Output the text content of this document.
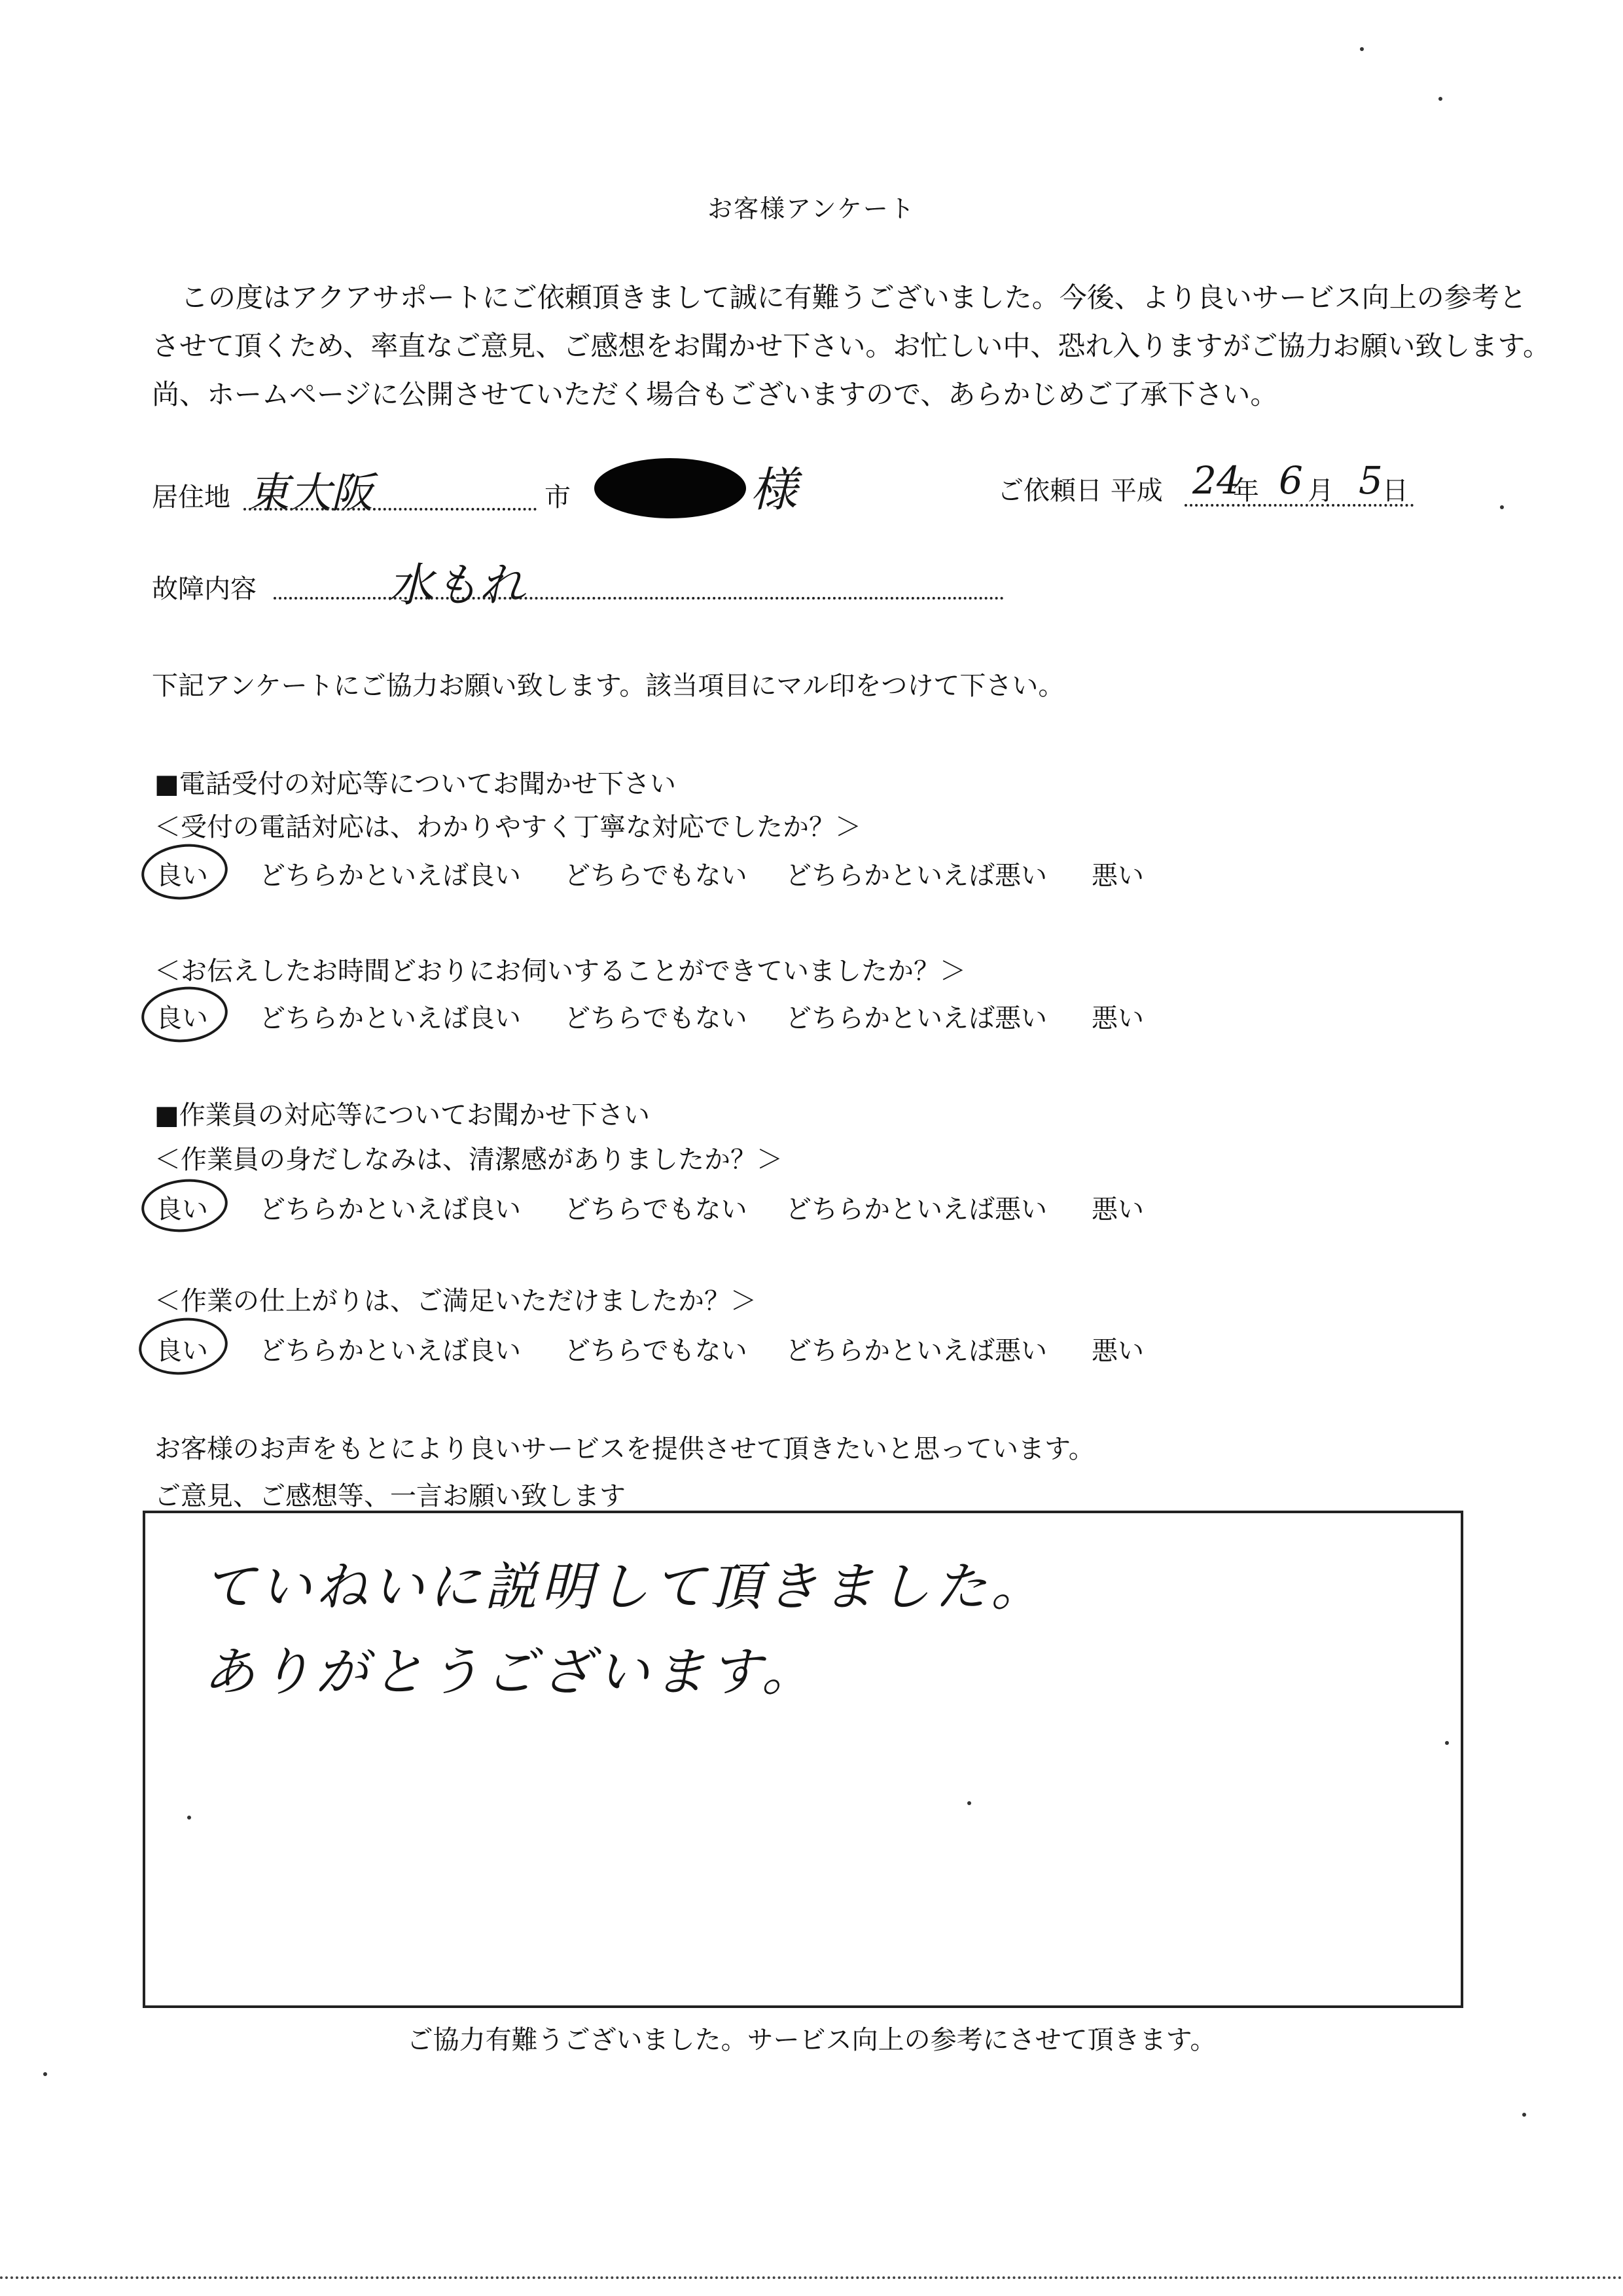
お客様アンケート

この度はアクアサポートにご依頼頂きまして誠に有難うございました。今後、より良いサービス向上の参考と

させて頂くため、率直なご意見、ご感想をお聞かせ下さい。お忙しい中、恐れ入りますがご協力お願い致します。

尚、ホームページに公開させていただく場合もございますので、あらかじめご了承下さい。

居住地 東大阪	市	様	ご依頼日 平成 24
年 6 月 5 日
故障内容	水もれ
下記アンケートにご協力お願い致します。該当項目にマル印をつけて下さい。
■電話受付の対応等についてお聞かせ下さい
＜受付の電話対応は、わかりやすく丁寧な対応でしたか？＞
良い どちらかといえば良い どちらでもない どちらかといえば悪い 悪い
＜お伝えしたお時間どおりにお伺いすることができていましたか？＞
良い どちらかといえば良い どちらでもない どちらかといえば悪い 悪い
■作業員の対応等についてお聞かせ下さい
＜作業員の身だしなみは、清潔感がありましたか？＞
良い どちらかといえば良い どちらでもない どちらかといえば悪い 悪い
＜作業の仕上がりは、ご満足いただけましたか？＞
良い どちらかといえば良い どちらでもない どちらかといえば悪い 悪い
お客様のお声をもとにより良いサービスを提供させて頂きたいと思っています。
ご意見、ご感想等、一言お願い致します
ていねいに説明して頂きました。
ありがとうございます。
ご協力有難うございました。サービス向上の参考にさせて頂きます。
